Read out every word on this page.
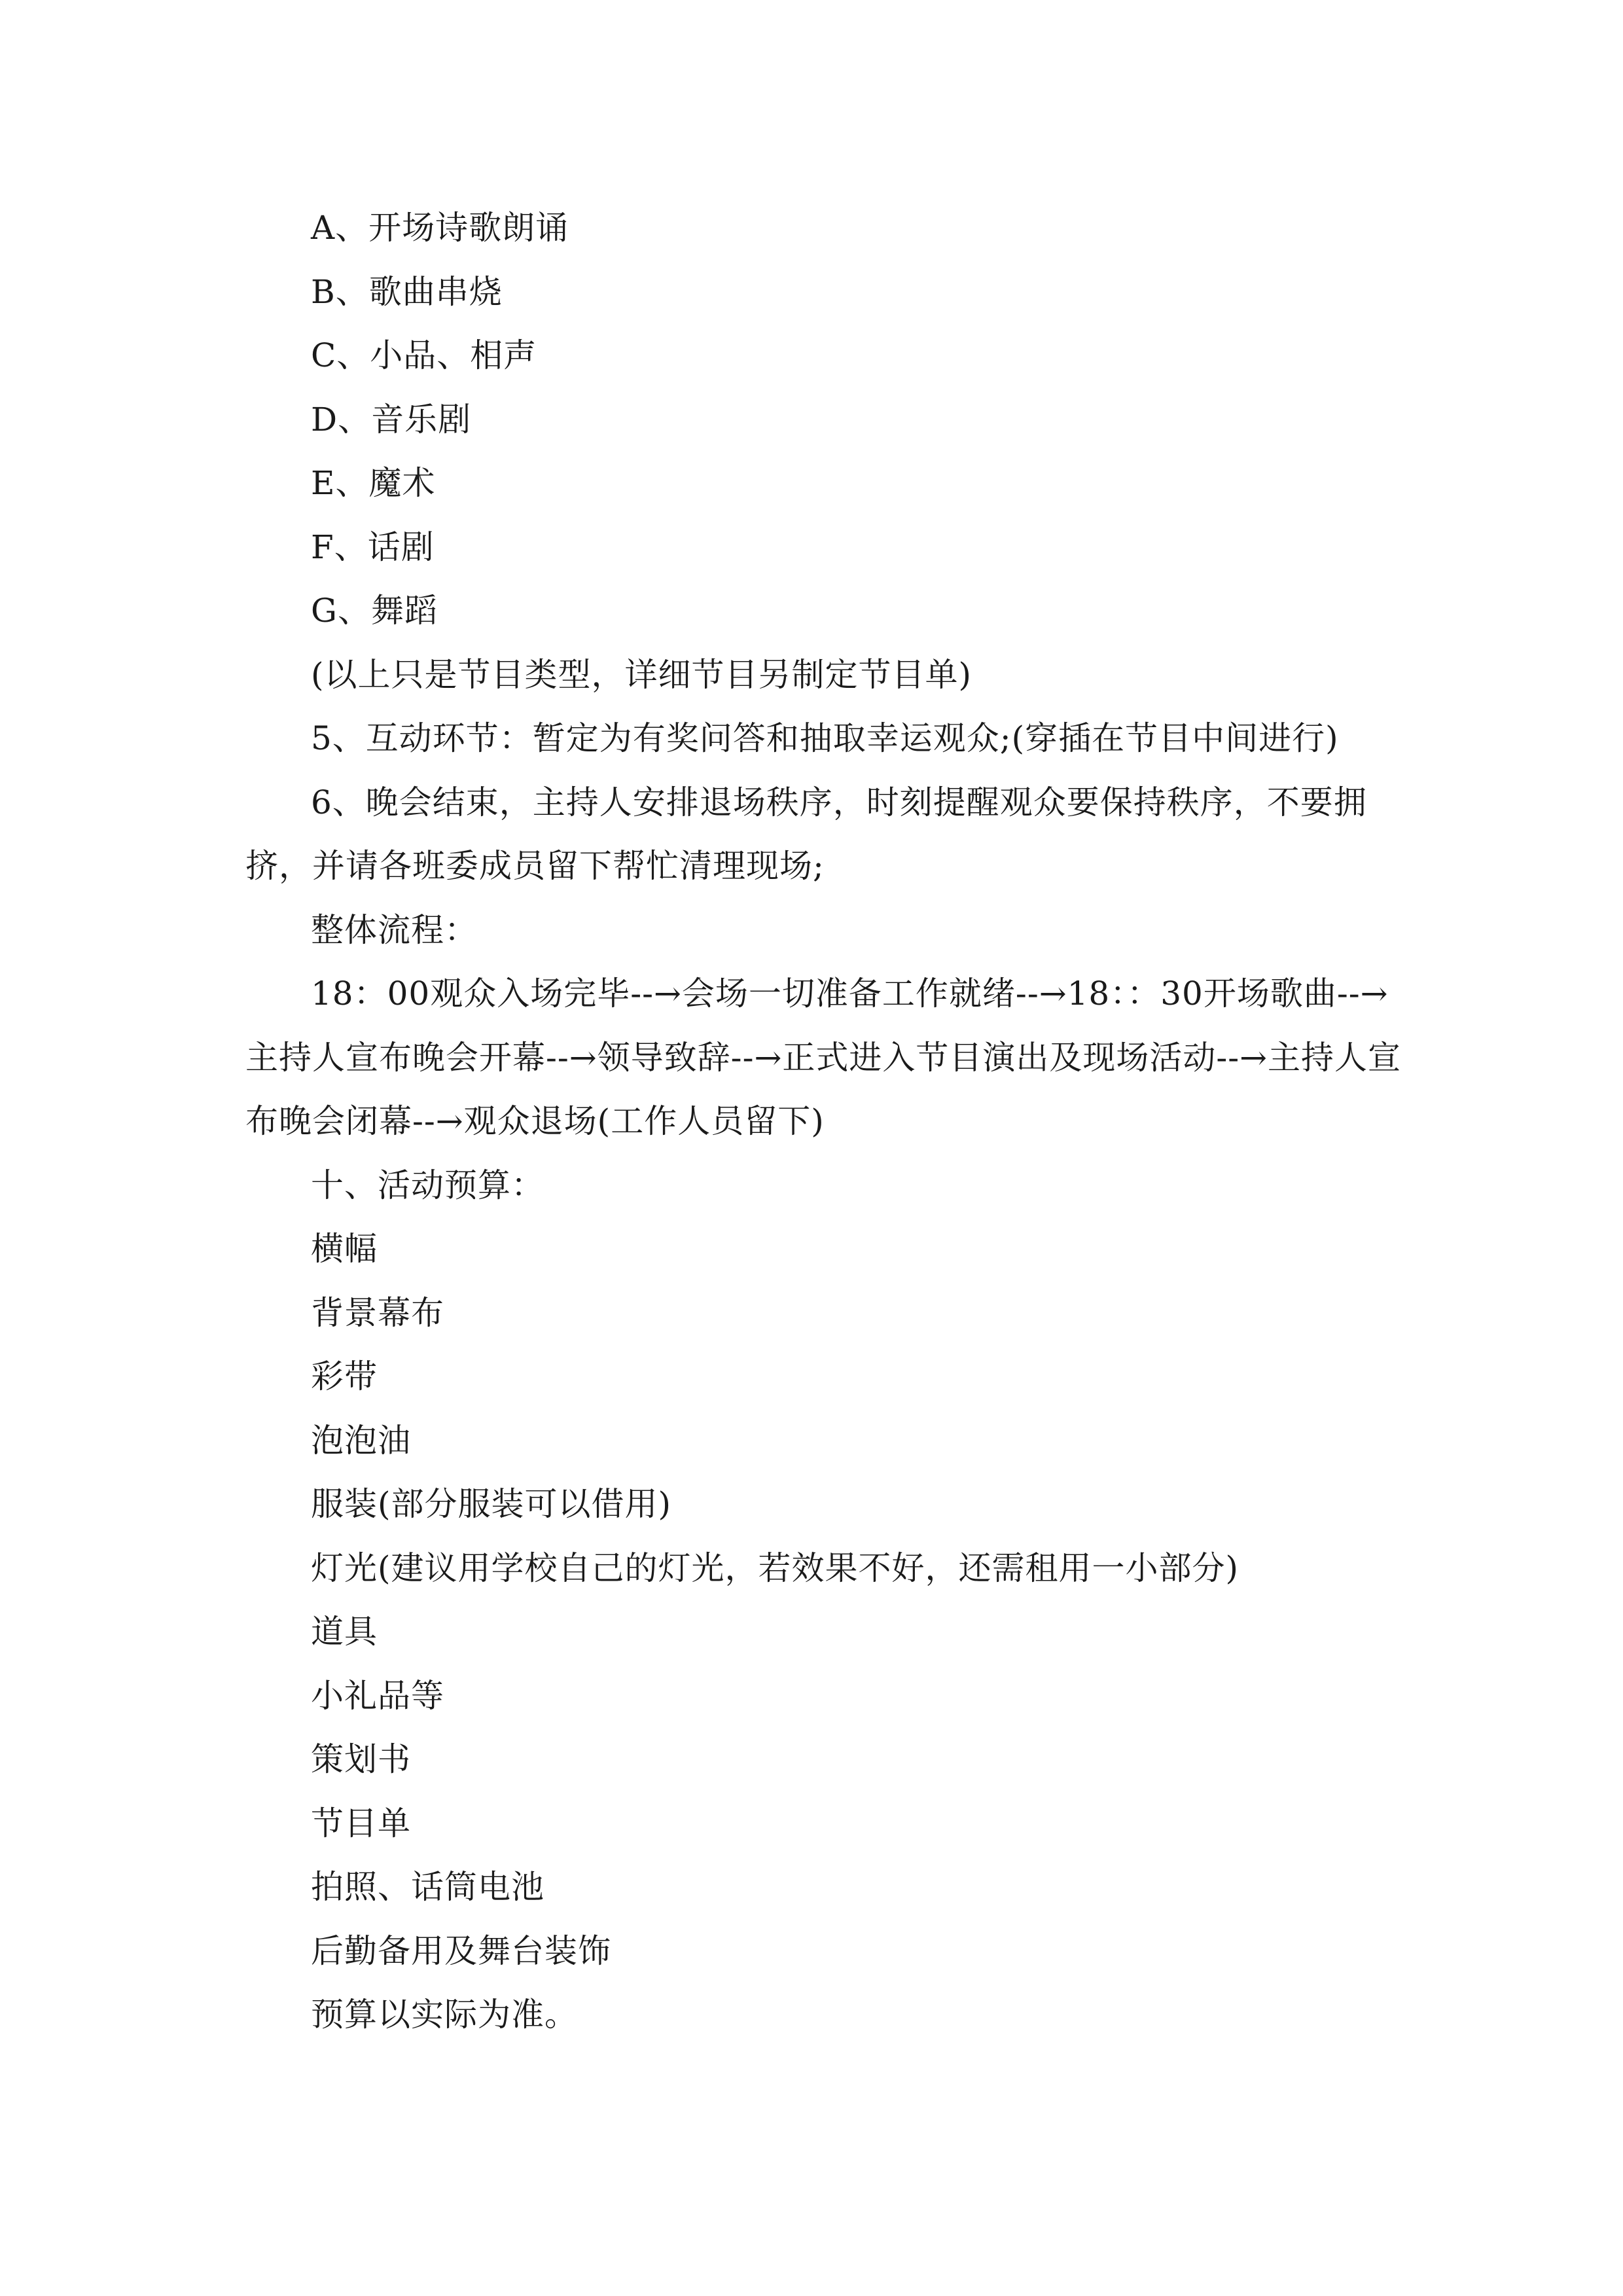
A、开场诗歌朗诵
B、歌曲串烧
C、小品、相声
D、音乐剧
E、魔术
F、话剧
G、舞蹈
(以上只是节目类型，详细节目另制定节目单)
5、互动环节：暂定为有奖问答和抽取幸运观众;(穿插在节目中间进行)
6、晚会结束，主持人安排退场秩序，时刻提醒观众要保持秩序，不要拥挤，并请各班委成员留下帮忙清理现场;
整体流程：
18：00观众入场完毕--→会场一切准备工作就绪--→18：：30开场歌曲--→主持人宣布晚会开幕--→领导致辞--→正式进入节目演出及现场活动--→主持人宣布晚会闭幕--→观众退场(工作人员留下)
十、活动预算：
横幅
背景幕布
彩带
泡泡油
服装(部分服装可以借用)
灯光(建议用学校自己的灯光，若效果不好，还需租用一小部分)
道具
小礼品等
策划书
节目单
拍照、话筒电池
后勤备用及舞台装饰
预算以实际为准。
